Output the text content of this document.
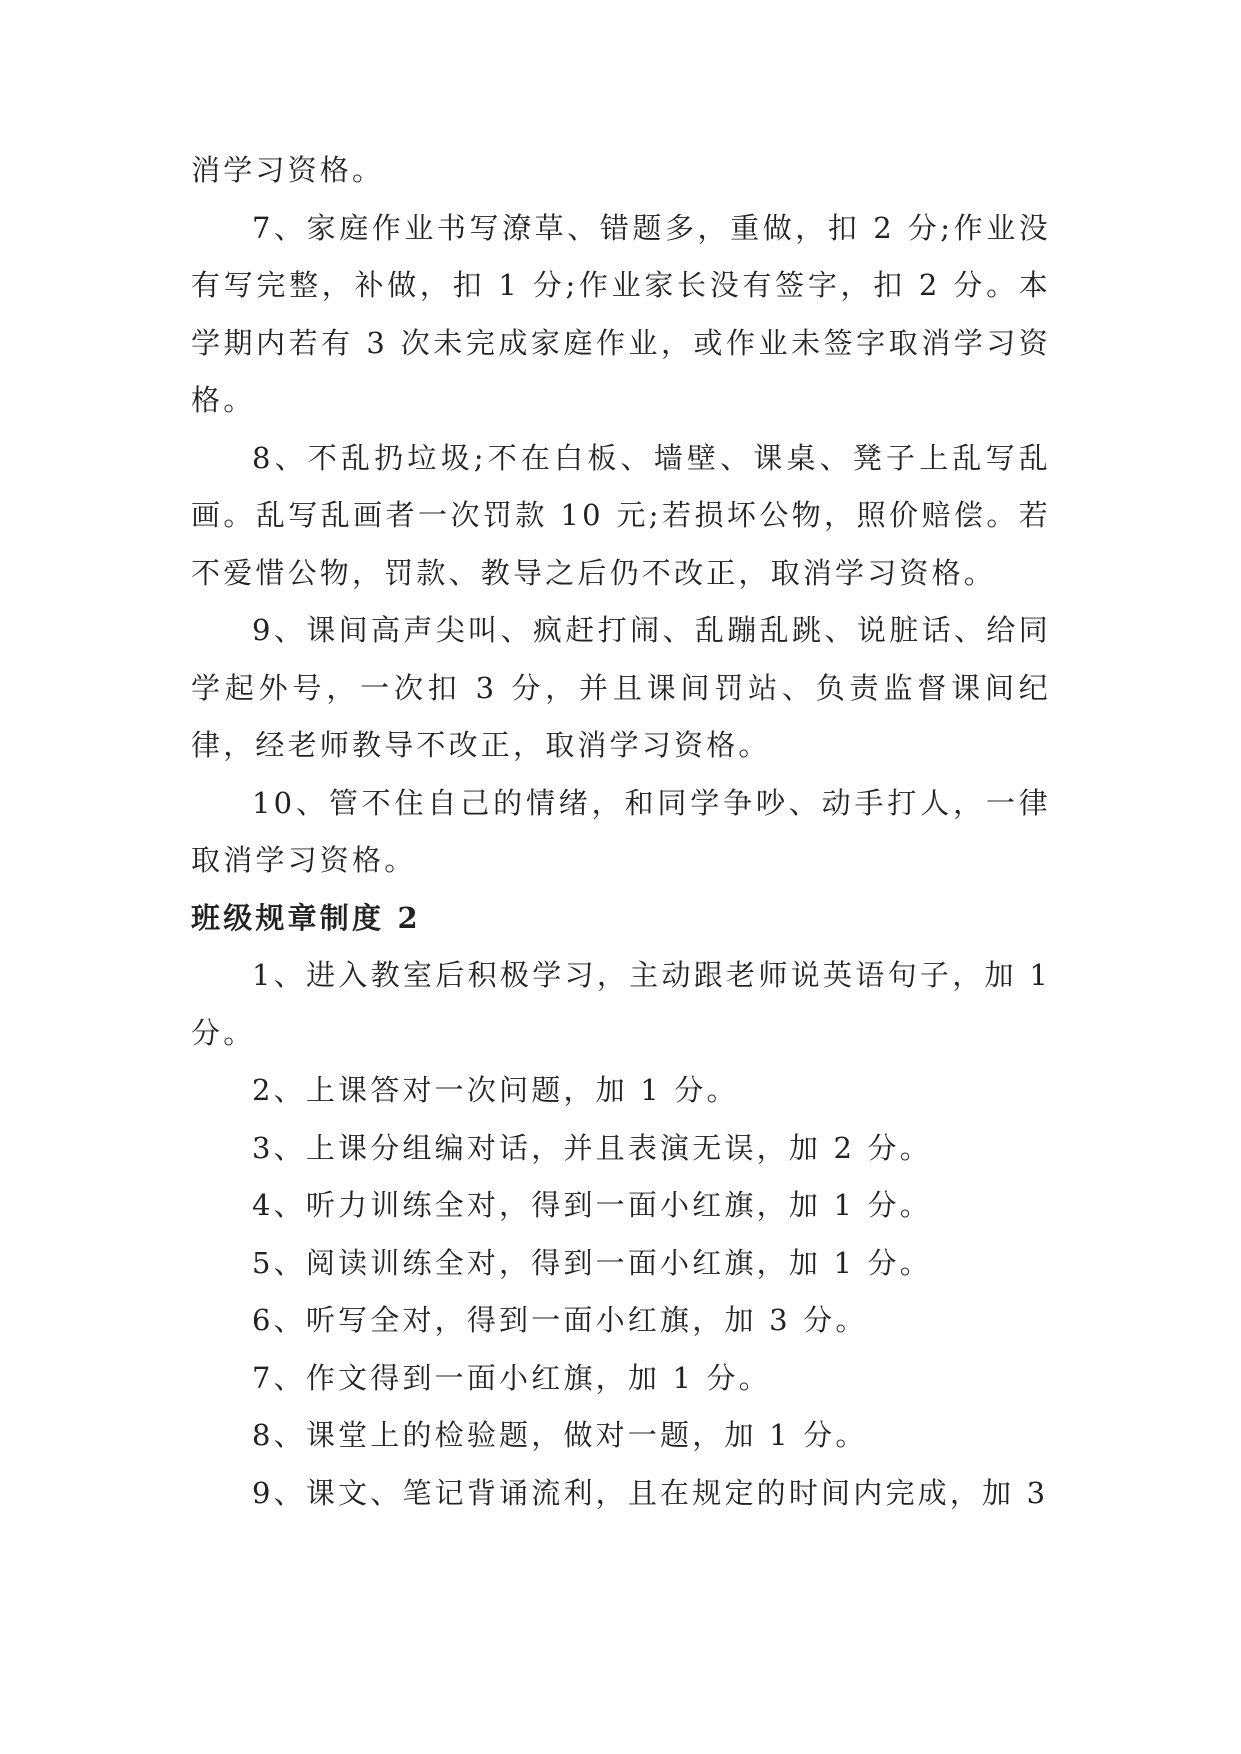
消学习资格。

7、家庭作业书写潦草、错题多，重做，扣 2 分;作业没有写完整，补做，扣 1 分;作业家长没有签字，扣 2 分。本学期内若有 3 次未完成家庭作业，或作业未签字取消学习资格。

8、不乱扔垃圾;不在白板、墙壁、课桌、凳子上乱写乱画。乱写乱画者一次罚款 10 元;若损坏公物，照价赔偿。若不爱惜公物，罚款、教导之后仍不改正，取消学习资格。

9、课间高声尖叫、疯赶打闹、乱蹦乱跳、说脏话、给同学起外号，一次扣 3 分，并且课间罚站、负责监督课间纪律，经老师教导不改正，取消学习资格。

10、管不住自己的情绪，和同学争吵、动手打人，一律取消学习资格。

班级规章制度 2

1、进入教室后积极学习，主动跟老师说英语句子，加 1 分。

2、上课答对一次问题，加 1 分。

3、上课分组编对话，并且表演无误，加 2 分。

4、听力训练全对，得到一面小红旗，加 1 分。

5、阅读训练全对，得到一面小红旗，加 1 分。

6、听写全对，得到一面小红旗，加 3 分。

7、作文得到一面小红旗，加 1 分。

8、课堂上的检验题，做对一题，加 1 分。

9、课文、笔记背诵流利，且在规定的时间内完成，加 3
